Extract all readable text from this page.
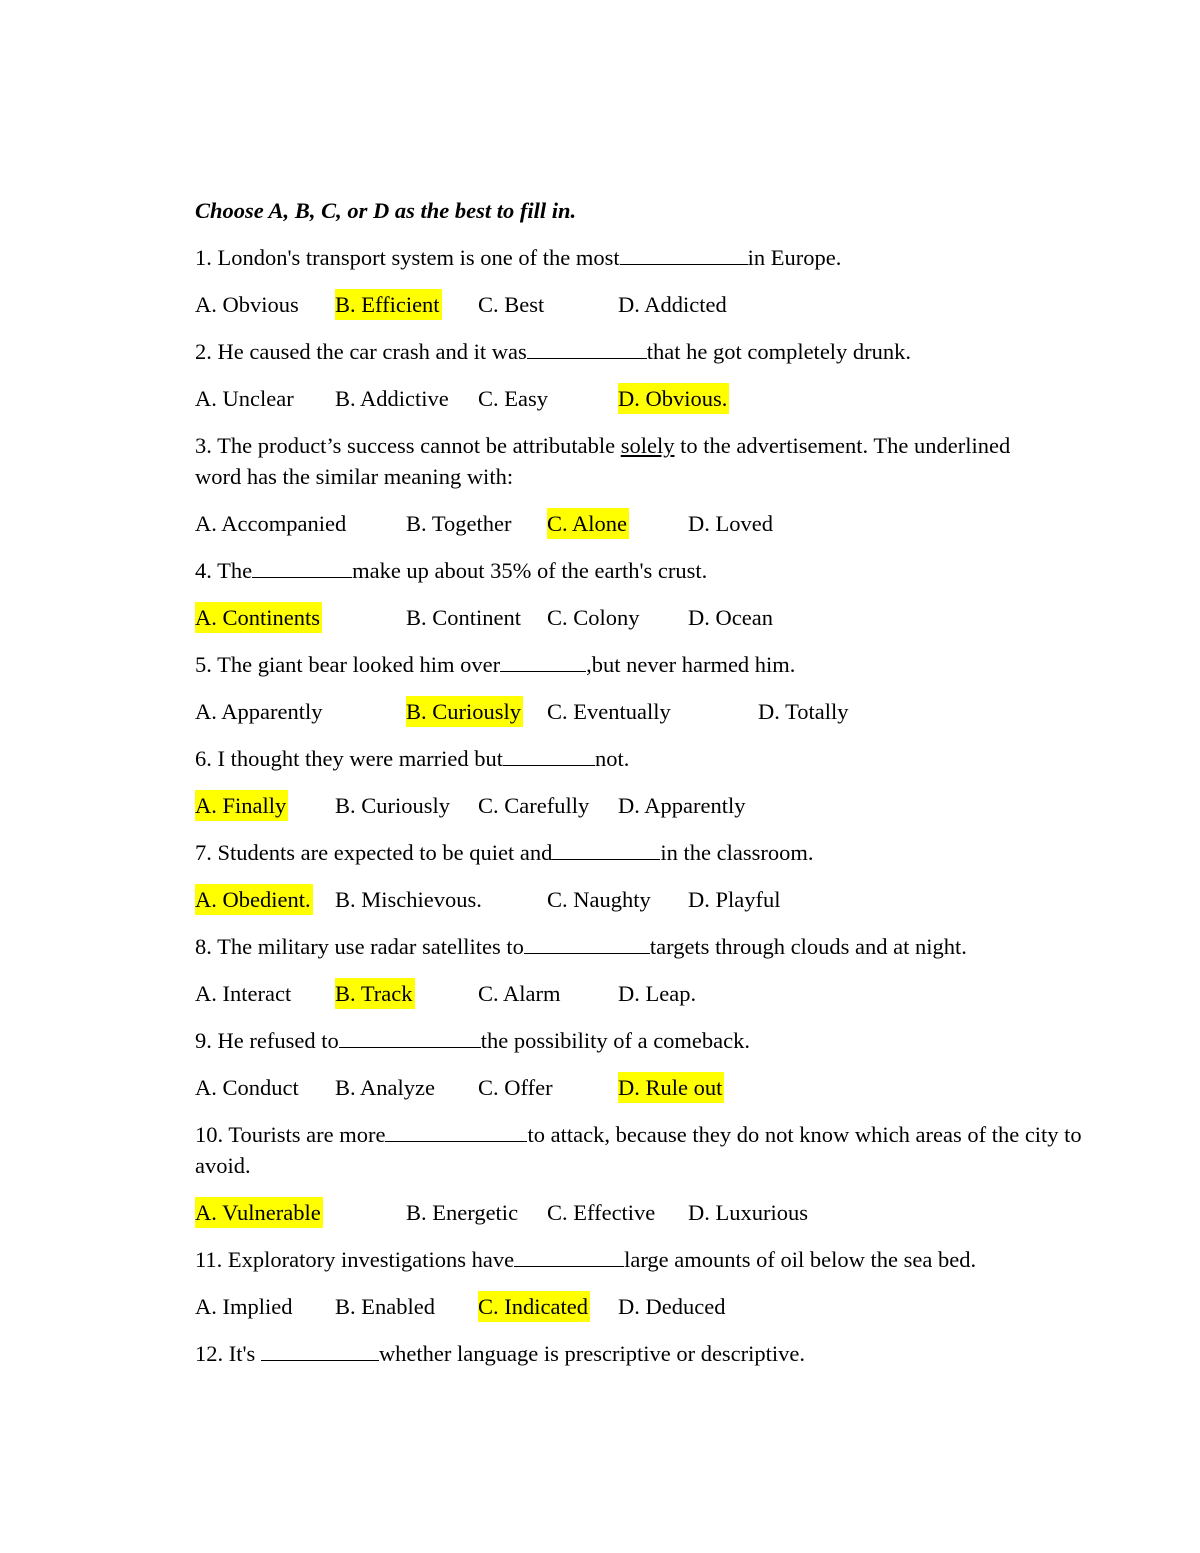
Choose A, B, C, or D as the best to fill in.
1. London's transport system is one of the most	in Europe.
A. Obvious B. Efficient C. Best	D. Addicted
2. He caused the car crash and it was	that he got completely drunk.
A. Unclear B. Addictive C. Easy	D. Obvious.
3. The product’s success cannot be attributable solely to the advertisement. The underlined word has the similar meaning with:
A. Accompanied	B. Together C. Alone	D. Loved
4. The	make up about 35% of the earth's crust.
A. Continents	B. Continent C. Colony D. Ocean
5. The giant bear looked him over	,but never harmed him.
A. Apparently	B. Curiously C. Eventually	D. Totally
6. I thought they were married but	not.
A. Finally B. Curiously C. Carefully D. Apparently
7. Students are expected to be quiet and	in the classroom.
A. Obedient. B. Mischievous.	C. Naughty D. Playful
8. The military use radar satellites to	targets through clouds and at night.
A. Interact B. Track	C. Alarm	D. Leap.
9. He refused to	the possibility of a comeback.
A. Conduct B. Analyze C. Offer	D. Rule out
10. Tourists are more	to attack, because they do not know which areas of the city to avoid.
A. Vulnerable	B. Energetic C. Effective D. Luxurious
11. Exploratory investigations have	large amounts of oil below the sea bed.
A. Implied B. Enabled C. Indicated D. Deduced
12. It's	whether language is prescriptive or descriptive.
